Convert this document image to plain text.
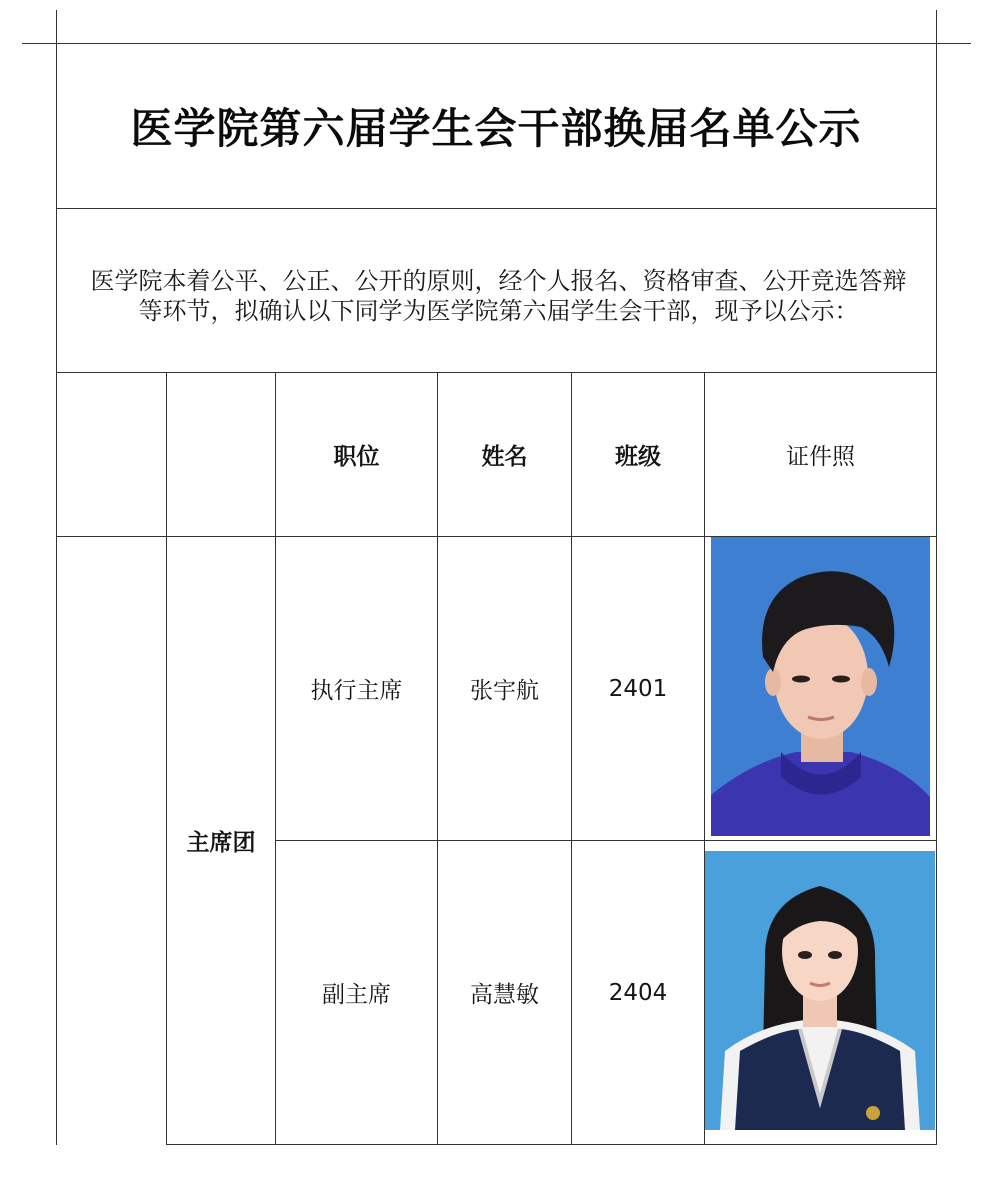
医学院第六届学生会干部换届名单公示
医学院本着公平、公正、公开的原则，经个人报名、资格审查、公开竞选答辩等环节，拟确认以下同学为医学院第六届学生会干部，现予以公示：
职位	姓名	班级	证件照
主席团
执行主席	张宇航	2401
副主席	高慧敏	2404
